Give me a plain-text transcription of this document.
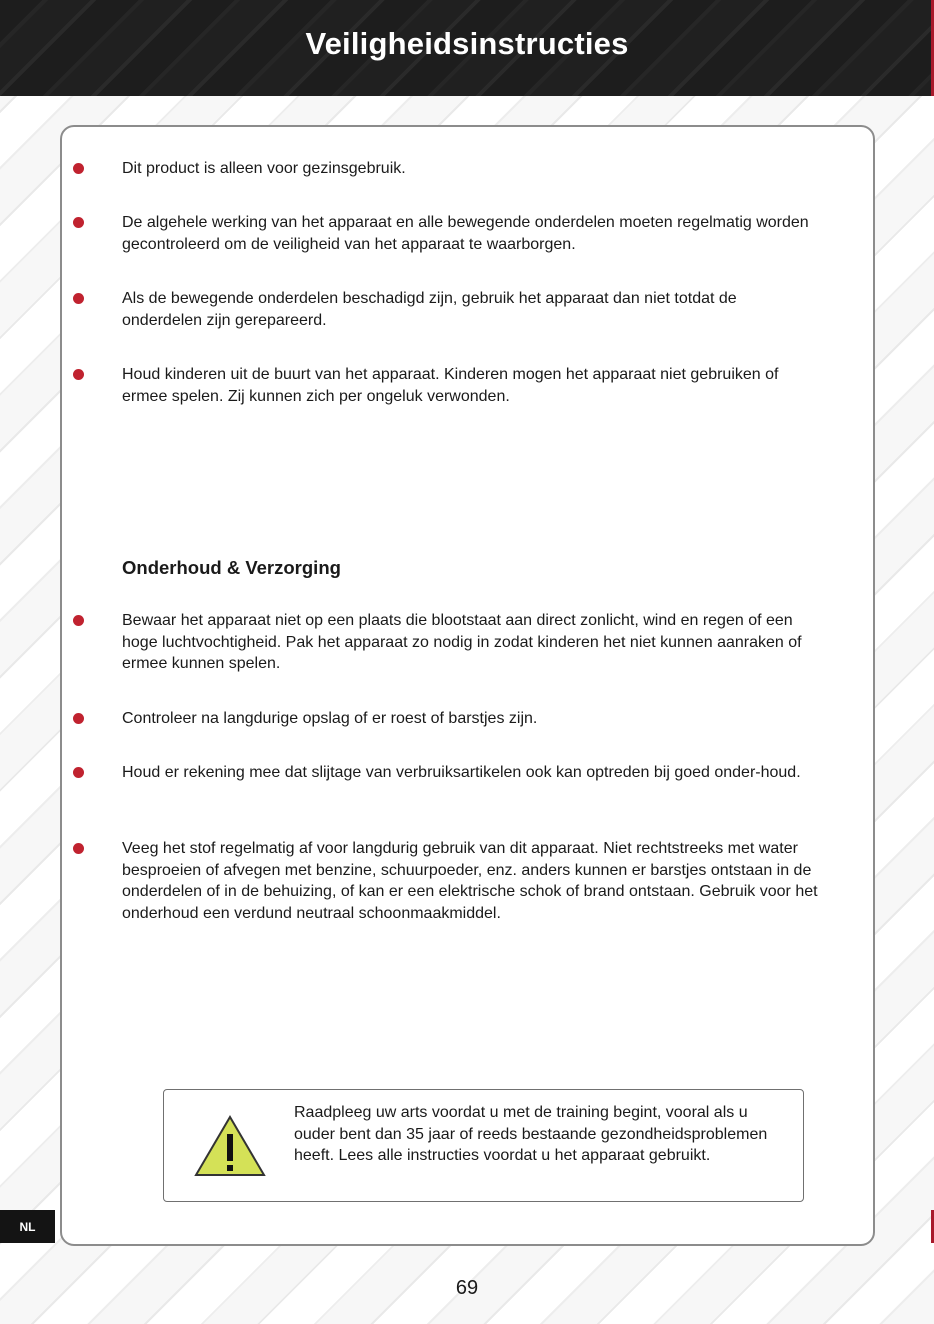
Veiligheidsinstructies
Dit product is alleen voor gezinsgebruik.
De algehele werking van het apparaat en alle bewegende onderdelen moeten regelmatig worden gecontroleerd om de veiligheid van het apparaat te waarborgen.
Als de bewegende onderdelen beschadigd zijn, gebruik het apparaat dan niet totdat de onderdelen zijn gerepareerd.
Houd kinderen uit de buurt van het apparaat. Kinderen mogen het apparaat niet gebruiken of ermee spelen. Zij kunnen zich per ongeluk verwonden.
Onderhoud & Verzorging
Bewaar het apparaat niet op een plaats die blootstaat aan direct zonlicht, wind en regen of een hoge luchtvochtigheid. Pak het apparaat zo nodig in zodat kinderen het niet kunnen aanraken of ermee kunnen spelen.
Controleer na langdurige opslag of er roest of barstjes zijn.
Houd er rekening mee dat slijtage van verbruiksartikelen ook kan optreden bij goed onder-houd.
Veeg het stof regelmatig af voor langdurig gebruik van dit apparaat. Niet rechtstreeks met water besproeien of afvegen met benzine, schuurpoeder, enz. anders kunnen er barstjes ontstaan in de onderdelen of in de behuizing, of kan er een elektrische schok of brand ontstaan. Gebruik voor het onderhoud een verdund neutraal schoonmaakmiddel.
Raadpleeg uw arts voordat u met de training begint, vooral als u ouder bent dan 35 jaar of reeds bestaande gezondheidsproblemen heeft. Lees alle instructies voordat u het apparaat gebruikt.
NL
69
